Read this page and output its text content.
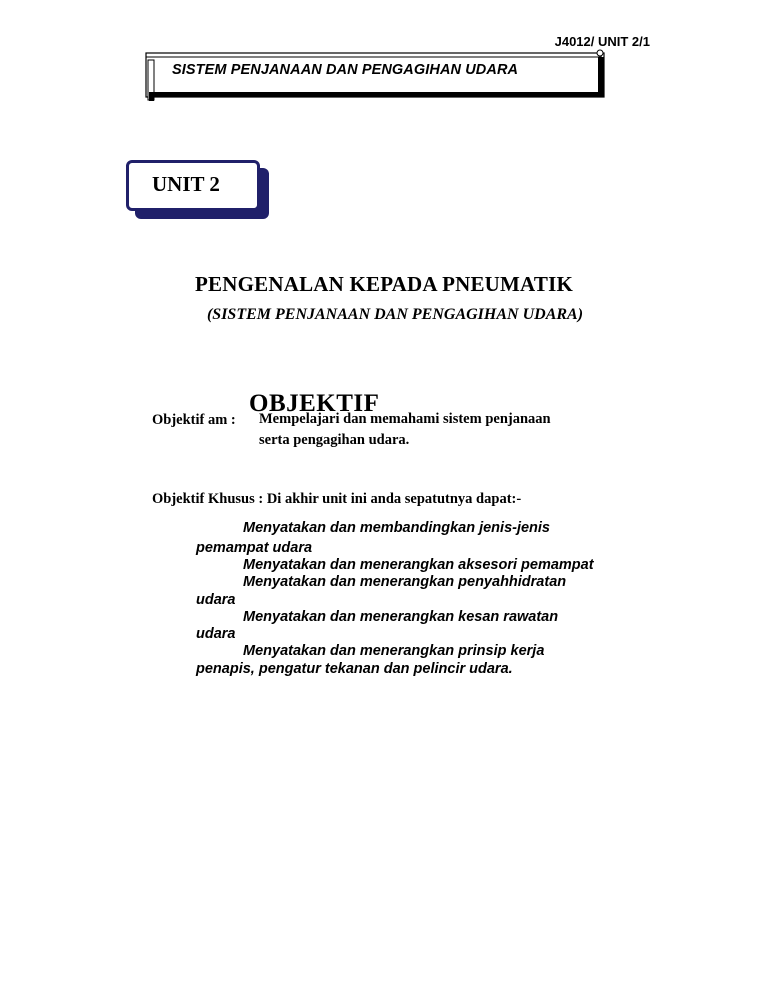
J4012/ UNIT 2/1
SISTEM PENJANAAN DAN PENGAGIHAN UDARA
UNIT 2
PENGENALAN KEPADA PNEUMATIK
(SISTEM PENJANAAN DAN PENGAGIHAN UDARA)
OBJEKTIF
Objektif am : Mempelajari dan memahami sistem penjanaan
serta pengagihan udara.
Objektif Khusus : Di akhir unit ini anda sepatutnya dapat:-
Menyatakan dan membandingkan jenis-jenis
pemampat udara
Menyatakan dan menerangkan aksesori pemampat
Menyatakan dan menerangkan penyahhidratan
udara
Menyatakan dan menerangkan kesan rawatan
udara
Menyatakan dan menerangkan prinsip kerja
penapis, pengatur tekanan dan pelincir udara.
